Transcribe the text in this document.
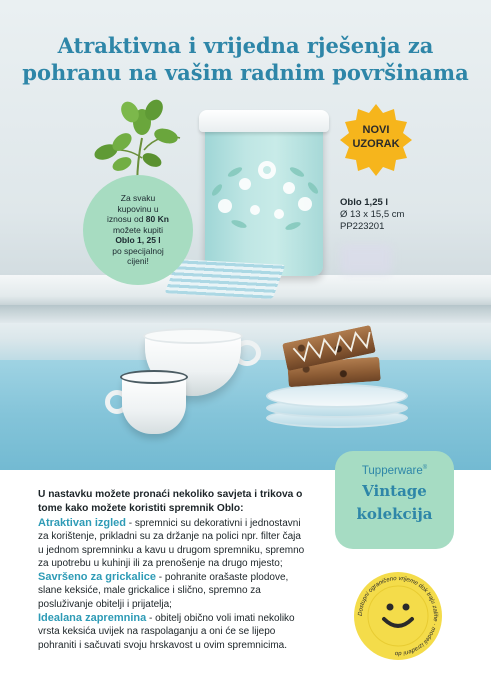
Atraktivna i vrijedna rješenja za
pohranu na vašim radnim površinama
Za svaku
kupovinu u
iznosu od 80 Kn
možete kupiti
Oblo 1, 25 l
po specijalnoj
cijeni!
NOVI
UZORAK
Oblo 1,25 l
Ø 13 x 15,5 cm
PP223201
U nastavku možete pronaći nekoliko savjeta i trikova o
tome kako možete koristiti spremnik Oblo:
Atraktivan izgled - spremnici su dekorativni i jednostavni
za korištenje, prikladni su za držanje na polici npr. filter čaja
u jednom spremninku a kavu u drugom spremniku, spremno
za upotrebu u kuhinji ili za prenošenje na drugo mjesto;
Savršeno za grickalice - pohranite orašaste plodove,
slane keksiće, male grickalice i slično, spremno za
posluživanje obitelji i prijatelja;
Idealana zapremnina - obitelj obično voli imati nekoliko
vrsta keksića uvijek na raspolaganju a oni će se lijepo
pohraniti i sačuvati svoju hrskavost u ovim spremnicima.
Tupperware®
Vintage
kolekcija
Dostupni ograničeno vrijeme dok traju zalihe · modeli izrađeni do
